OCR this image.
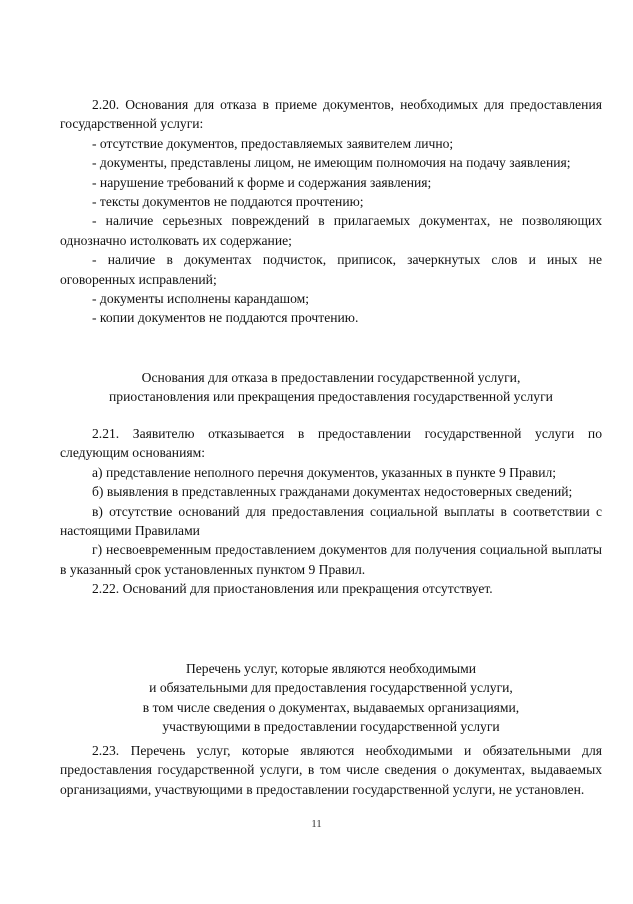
2.20. Основания для отказа в приеме документов, необходимых для предоставления государственной услуги:

- отсутствие документов, предоставляемых заявителем лично;

- документы, представлены лицом, не имеющим полномочия на подачу заявления;

- нарушение требований к форме и содержания заявления;

- тексты документов не поддаются прочтению;

- наличие серьезных повреждений в прилагаемых документах, не позволяющих однозначно истолковать их содержание;

- наличие в документах подчисток, приписок, зачеркнутых слов и иных не оговоренных исправлений;

- документы исполнены карандашом;

- копии документов не поддаются прочтению.

Основания для отказа в предоставлении государственной услуги,

приостановления или прекращения предоставления государственной услуги

2.21. Заявителю отказывается в предоставлении государственной услуги по следующим основаниям:

а) представление неполного перечня документов, указанных в пункте 9 Правил;

б) выявления в представленных гражданами документах недостоверных сведений;

в) отсутствие оснований для предоставления социальной выплаты в соответствии с настоящими Правилами

г) несвоевременным предоставлением документов для получения социальной выплаты в указанный срок установленных пунктом 9 Правил.

2.22. Оснований для приостановления или прекращения отсутствует.

Перечень услуг, которые являются необходимыми

и обязательными для предоставления государственной услуги,

в том числе сведения о документах, выдаваемых организациями,

участвующими в предоставлении государственной услуги

2.23. Перечень услуг, которые являются необходимыми и обязательными для предоставления государственной услуги, в том числе сведения о документах, выдаваемых организациями, участвующими в предоставлении государственной услуги, не установлен.

11
